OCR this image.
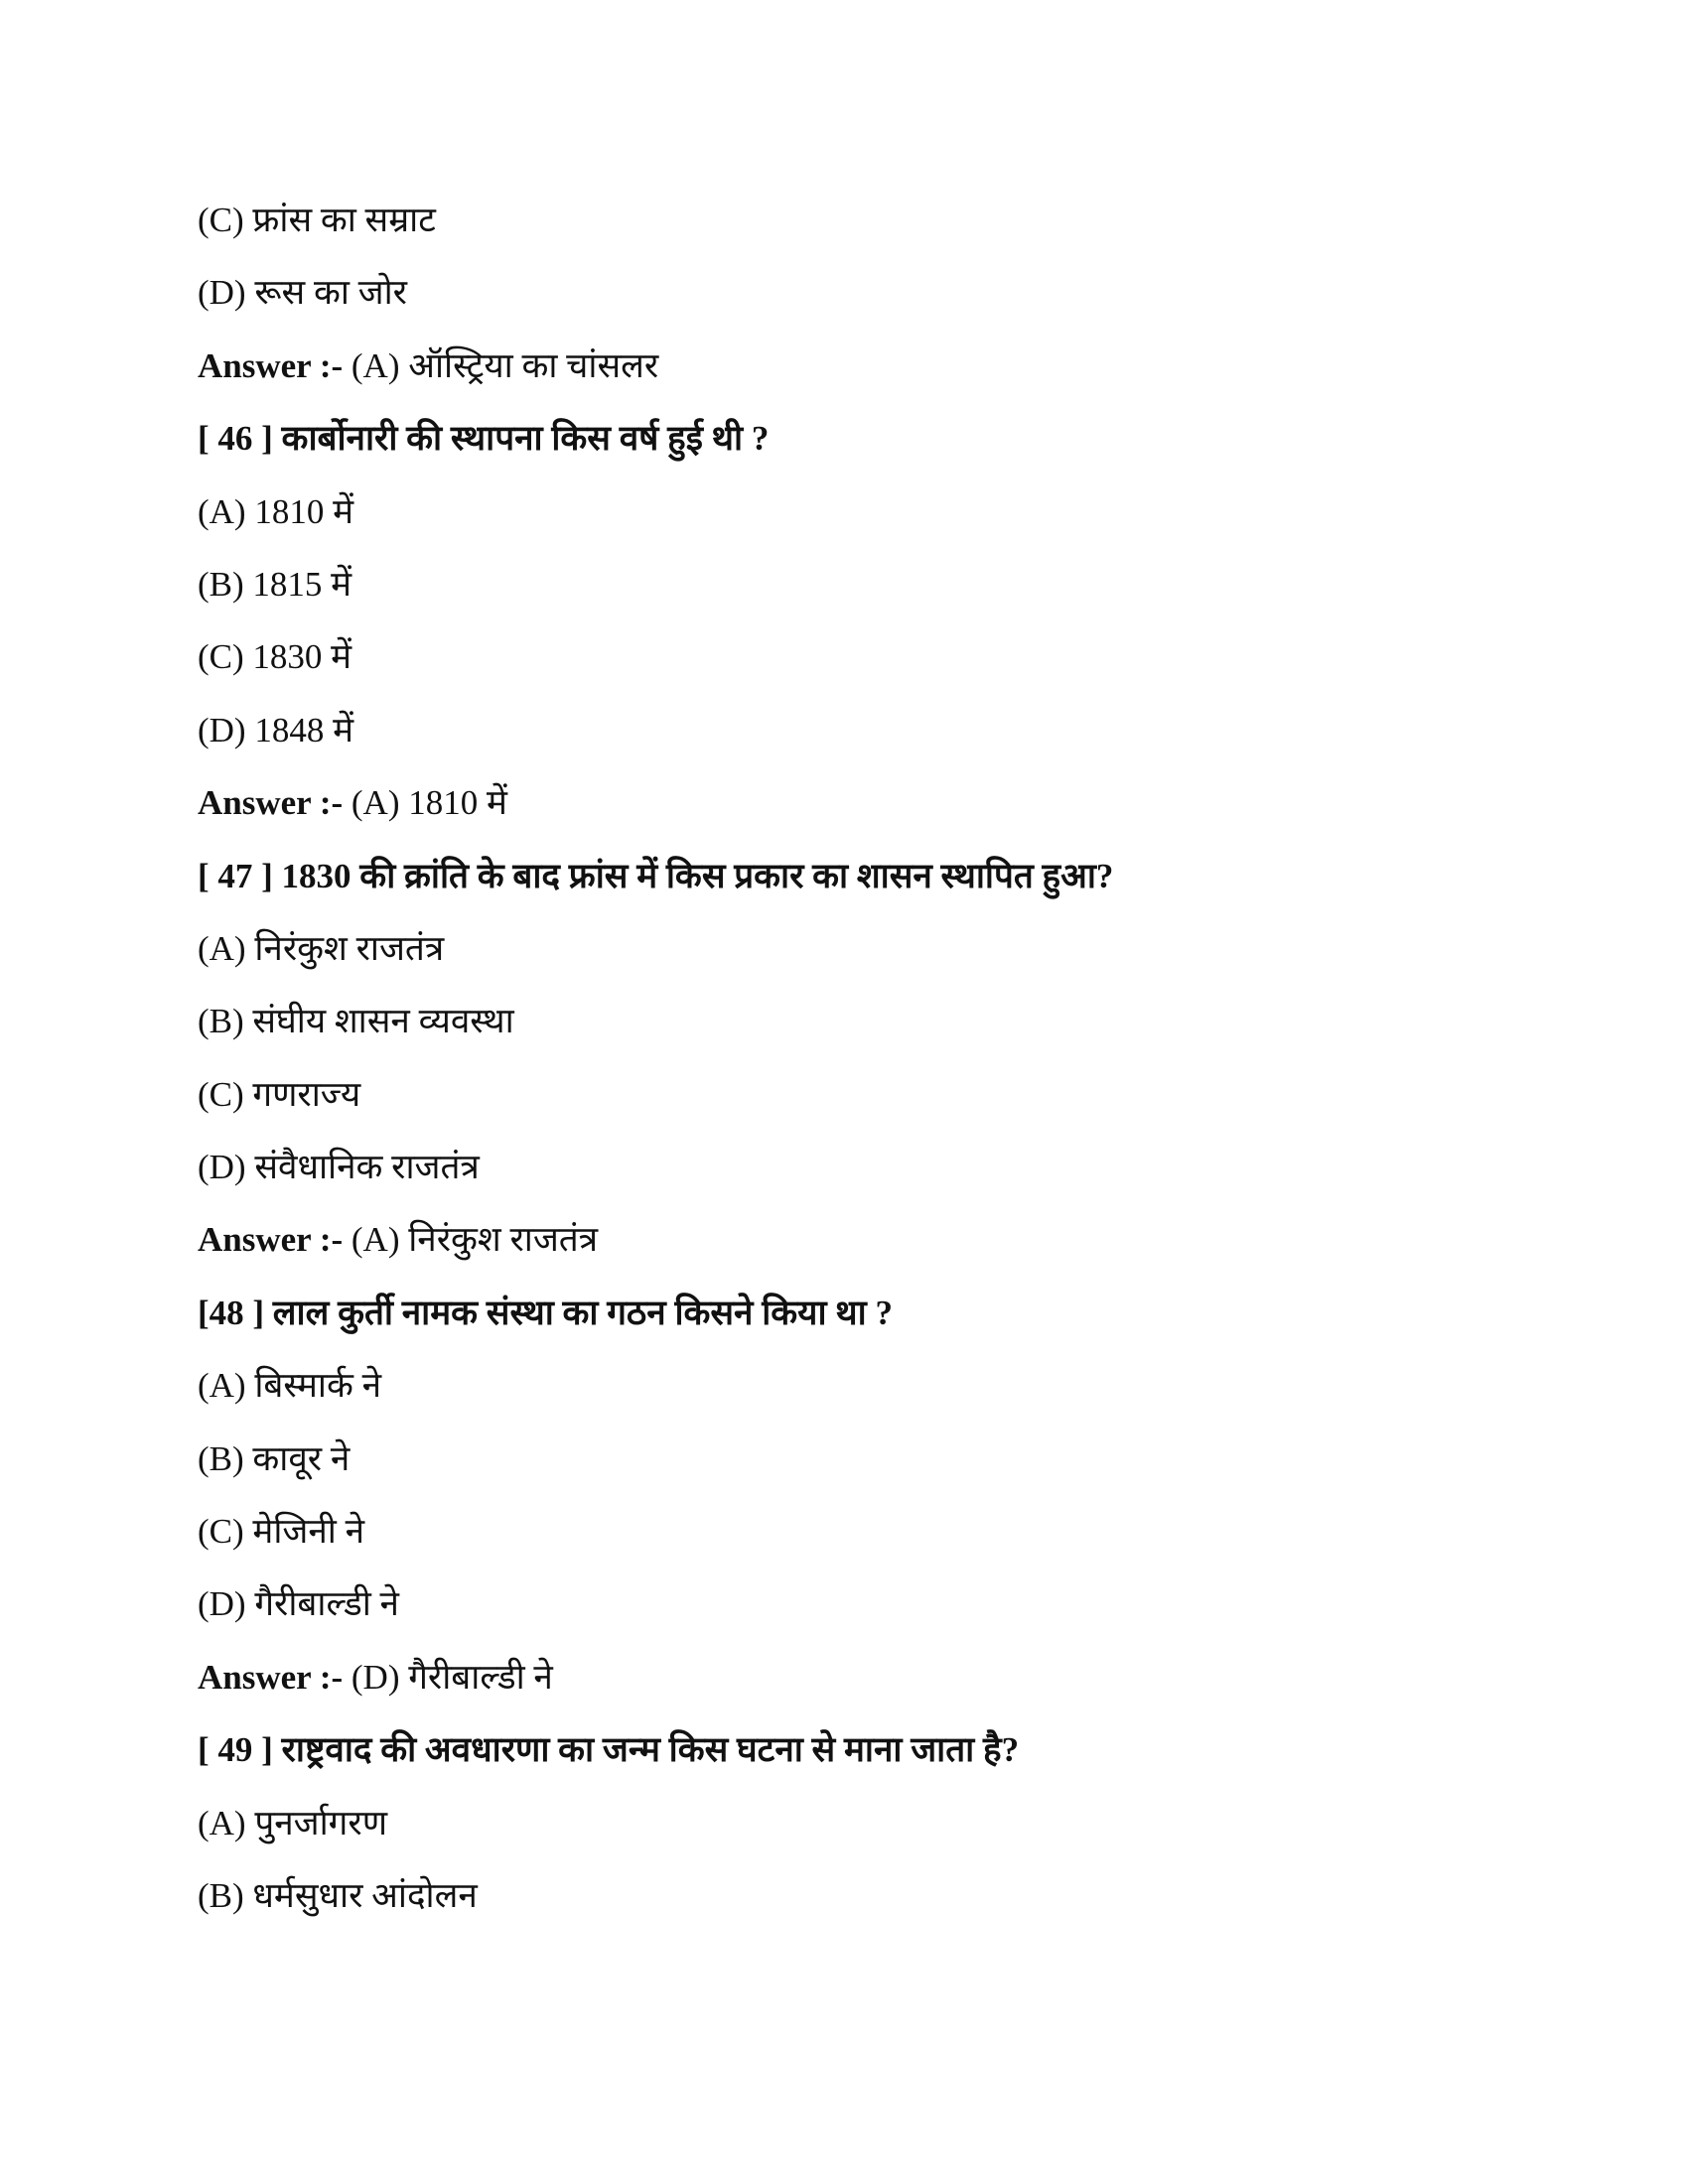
(C) फ्रांस का सम्राट
(D) रूस का जोर
Answer :- (A) ऑस्ट्रिया का चांसलर
[ 46 ] कार्बोनारी की स्थापना किस वर्ष हुई थी ?
(A) 1810 में
(B) 1815 में
(C) 1830 में
(D) 1848 में
Answer :- (A) 1810 में
[ 47 ] 1830 की क्रांति के बाद फ्रांस में किस प्रकार का शासन स्थापित हुआ?
(A) निरंकुश राजतंत्र
(B) संघीय शासन व्यवस्था
(C) गणराज्य
(D) संवैधानिक राजतंत्र
Answer :- (A) निरंकुश राजतंत्र
[48 ] लाल कुर्ती नामक संस्था का गठन किसने किया था ?
(A) बिस्मार्क ने
(B) कावूर ने
(C) मेजिनी ने
(D) गैरीबाल्डी ने
Answer :- (D) गैरीबाल्डी ने
[ 49 ] राष्ट्रवाद की अवधारणा का जन्म किस घटना से माना जाता है?
(A) पुनर्जागरण
(B) धर्मसुधार आंदोलन
